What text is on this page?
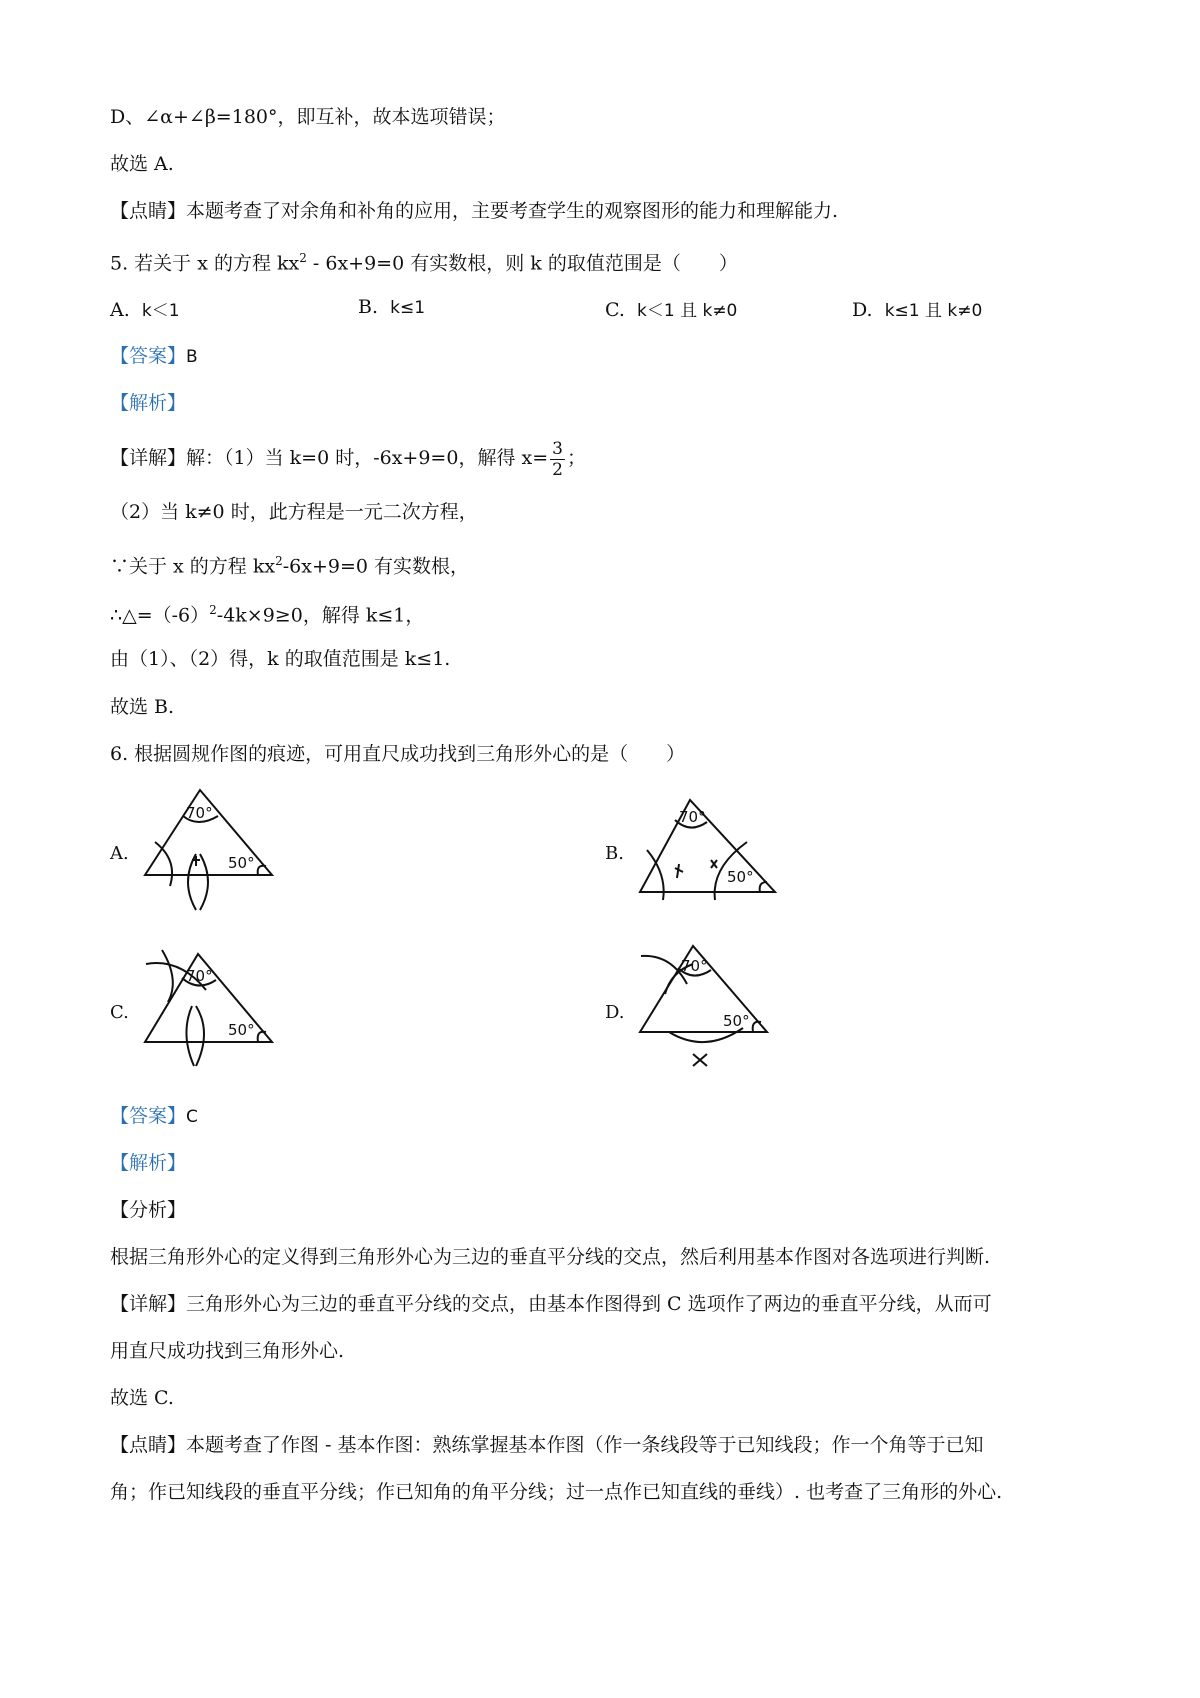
D、∠α+∠β=180°，即互补，故本选项错误；
故选 A.
【点睛】本题考查了对余角和补角的应用，主要考查学生的观察图形的能力和理解能力.
5. 若关于 x 的方程 $kx^2 - 6x+9=0$ 有实数根，则 k 的取值范围是（　　）
A. k＜1	B. k≤1	C. k＜1 且 k≠0	D. k≤1 且 k≠0
【答案】B
【解析】
【详解】解：（1）当 k=0 时，-6x+9=0，解得 $x= \frac{3}{2}$ ；
（2）当 k≠0 时，此方程是一元二次方程，
∵关于 x 的方程 $kx^2-6x+9=0$ 有实数根，
$\therefore\triangle=(-6)^2-4k\times 9\ge 0$，解得 k≤1，
由（1）、（2）得，k 的取值范围是 k≤1.
故选 B.
6. 根据圆规作图的痕迹，可用直尺成功找到三角形外心的是（　　）
A.
70°
50°	B.
70°
50°
C.
70°
50°
D.
70°
50°
【答案】C
【解析】
【分析】
根据三角形外心的定义得到三角形外心为三边的垂直平分线的交点，然后利用基本作图对各选项进行判断.
【详解】三角形外心为三边的垂直平分线的交点，由基本作图得到 C 选项作了两边的垂直平分线，从而可
用直尺成功找到三角形外心.
故选 C.
【点睛】本题考查了作图 - 基本作图：熟练掌握基本作图（作一条线段等于已知线段；作一个角等于已知
角；作已知线段的垂直平分线；作已知角的角平分线；过一点作已知直线的垂线）. 也考查了三角形的外心.
